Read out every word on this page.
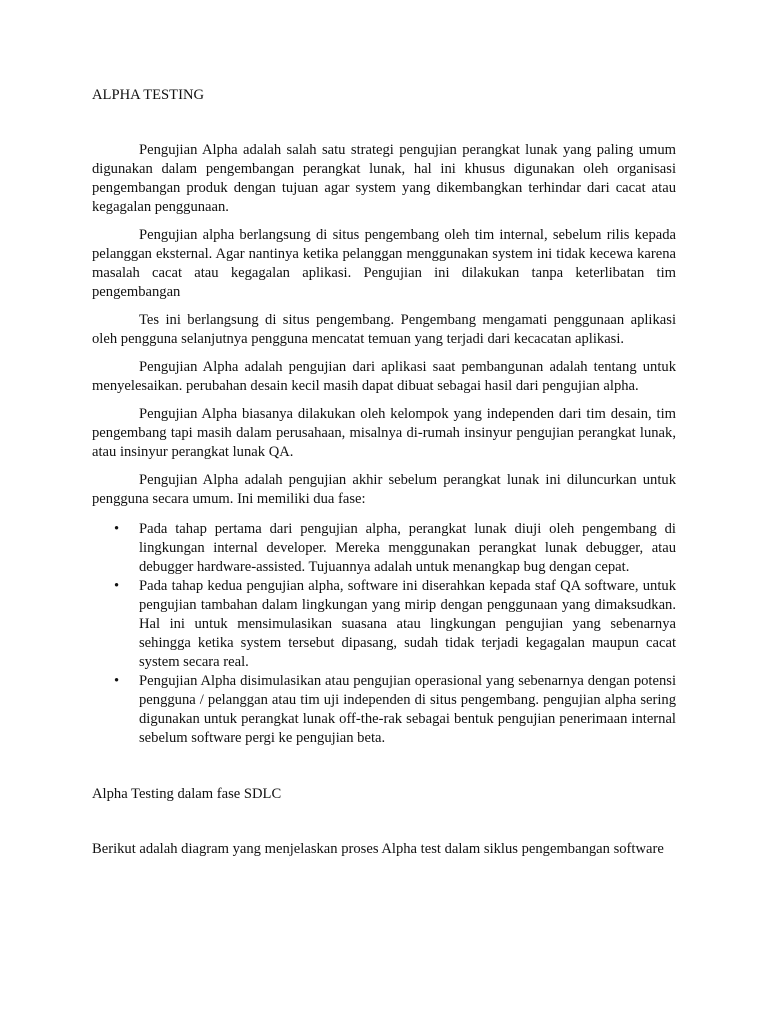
ALPHA TESTING

Pengujian Alpha adalah salah satu strategi pengujian perangkat lunak yang paling umum digunakan dalam pengembangan perangkat lunak, hal ini khusus digunakan oleh organisasi pengembangan produk dengan tujuan agar system yang dikembangkan terhindar dari cacat atau kegagalan penggunaan.

Pengujian alpha berlangsung di situs pengembang oleh tim internal, sebelum rilis kepada pelanggan eksternal. Agar nantinya ketika pelanggan menggunakan system ini tidak kecewa karena masalah cacat atau kegagalan aplikasi. Pengujian ini dilakukan tanpa keterlibatan tim pengembangan

Tes ini berlangsung di situs pengembang. Pengembang mengamati penggunaan aplikasi oleh pengguna selanjutnya pengguna mencatat temuan yang terjadi dari kecacatan aplikasi.

Pengujian Alpha adalah pengujian dari aplikasi saat pembangunan adalah tentang untuk menyelesaikan. perubahan desain kecil masih dapat dibuat sebagai hasil dari pengujian alpha.

Pengujian Alpha biasanya dilakukan oleh kelompok yang independen dari tim desain, tim pengembang tapi masih dalam perusahaan, misalnya di-rumah insinyur pengujian perangkat lunak, atau insinyur perangkat lunak QA.

Pengujian Alpha adalah pengujian akhir sebelum perangkat lunak ini diluncurkan untuk pengguna secara umum. Ini memiliki dua fase:

• Pada tahap pertama dari pengujian alpha, perangkat lunak diuji oleh pengembang di lingkungan internal developer. Mereka menggunakan perangkat lunak debugger, atau debugger hardware-assisted. Tujuannya adalah untuk menangkap bug dengan cepat.
• Pada tahap kedua pengujian alpha, software ini diserahkan kepada staf QA software, untuk pengujian tambahan dalam lingkungan yang mirip dengan penggunaan yang dimaksudkan. Hal ini untuk mensimulasikan suasana atau lingkungan pengujian yang sebenarnya sehingga ketika system tersebut dipasang, sudah tidak terjadi kegagalan maupun cacat system secara real.
• Pengujian Alpha disimulasikan atau pengujian operasional yang sebenarnya dengan potensi pengguna / pelanggan atau tim uji independen di situs pengembang. pengujian alpha sering digunakan untuk perangkat lunak off-the-rak sebagai bentuk pengujian penerimaan internal sebelum software pergi ke pengujian beta.

Alpha Testing dalam fase SDLC

Berikut adalah diagram yang menjelaskan proses Alpha test dalam siklus pengembangan software
